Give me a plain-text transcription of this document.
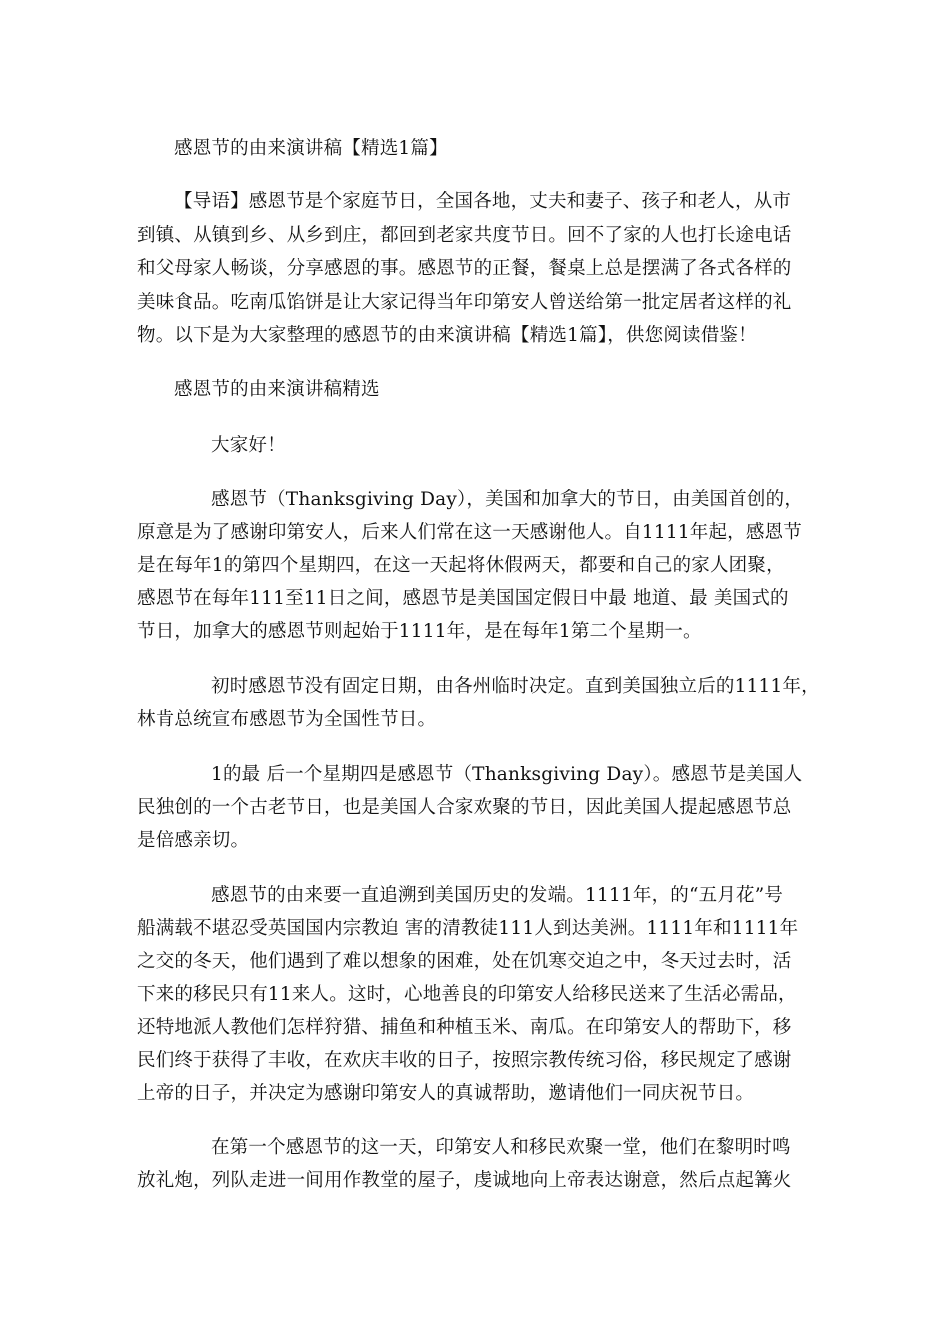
感恩节的由来演讲稿【精选1篇】
【导语】感恩节是个家庭节日，全国各地，丈夫和妻子、孩子和老人，从市
到镇、从镇到乡、从乡到庄，都回到老家共度节日。回不了家的人也打长途电话
和父母家人畅谈，分享感恩的事。感恩节的正餐，餐桌上总是摆满了各式各样的
美味食品。吃南瓜馅饼是让大家记得当年印第安人曾送给第一批定居者这样的礼
物。以下是为大家整理的感恩节的由来演讲稿【精选1篇】，供您阅读借鉴！
感恩节的由来演讲稿精选
大家好！
感恩节（Thanksgiving Day），美国和加拿大的节日，由美国首创的，
原意是为了感谢印第安人，后来人们常在这一天感谢他人。自1111年起，感恩节
是在每年1的第四个星期四，在这一天起将休假两天，都要和自己的家人团聚，
感恩节在每年111至11日之间，感恩节是美国国定假日中最 地道、最 美国式的
节日，加拿大的感恩节则起始于1111年，是在每年1第二个星期一。
初时感恩节没有固定日期，由各州临时决定。直到美国独立后的1111年，
林肯总统宣布感恩节为全国性节日。
1的最 后一个星期四是感恩节（Thanksgiving Day）。感恩节是美国人
民独创的一个古老节日，也是美国人合家欢聚的节日，因此美国人提起感恩节总
是倍感亲切。
感恩节的由来要一直追溯到美国历史的发端。1111年，的“五月花”号
船满载不堪忍受英国国内宗教迫 害的清教徒111人到达美洲。1111年和1111年
之交的冬天，他们遇到了难以想象的困难，处在饥寒交迫之中，冬天过去时，活
下来的移民只有11来人。这时，心地善良的印第安人给移民送来了生活必需品，
还特地派人教他们怎样狩猎、捕鱼和种植玉米、南瓜。在印第安人的帮助下，移
民们终于获得了丰收，在欢庆丰收的日子，按照宗教传统习俗，移民规定了感谢
上帝的日子，并决定为感谢印第安人的真诚帮助，邀请他们一同庆祝节日。
在第一个感恩节的这一天，印第安人和移民欢聚一堂，他们在黎明时鸣
放礼炮，列队走进一间用作教堂的屋子，虔诚地向上帝表达谢意，然后点起篝火
